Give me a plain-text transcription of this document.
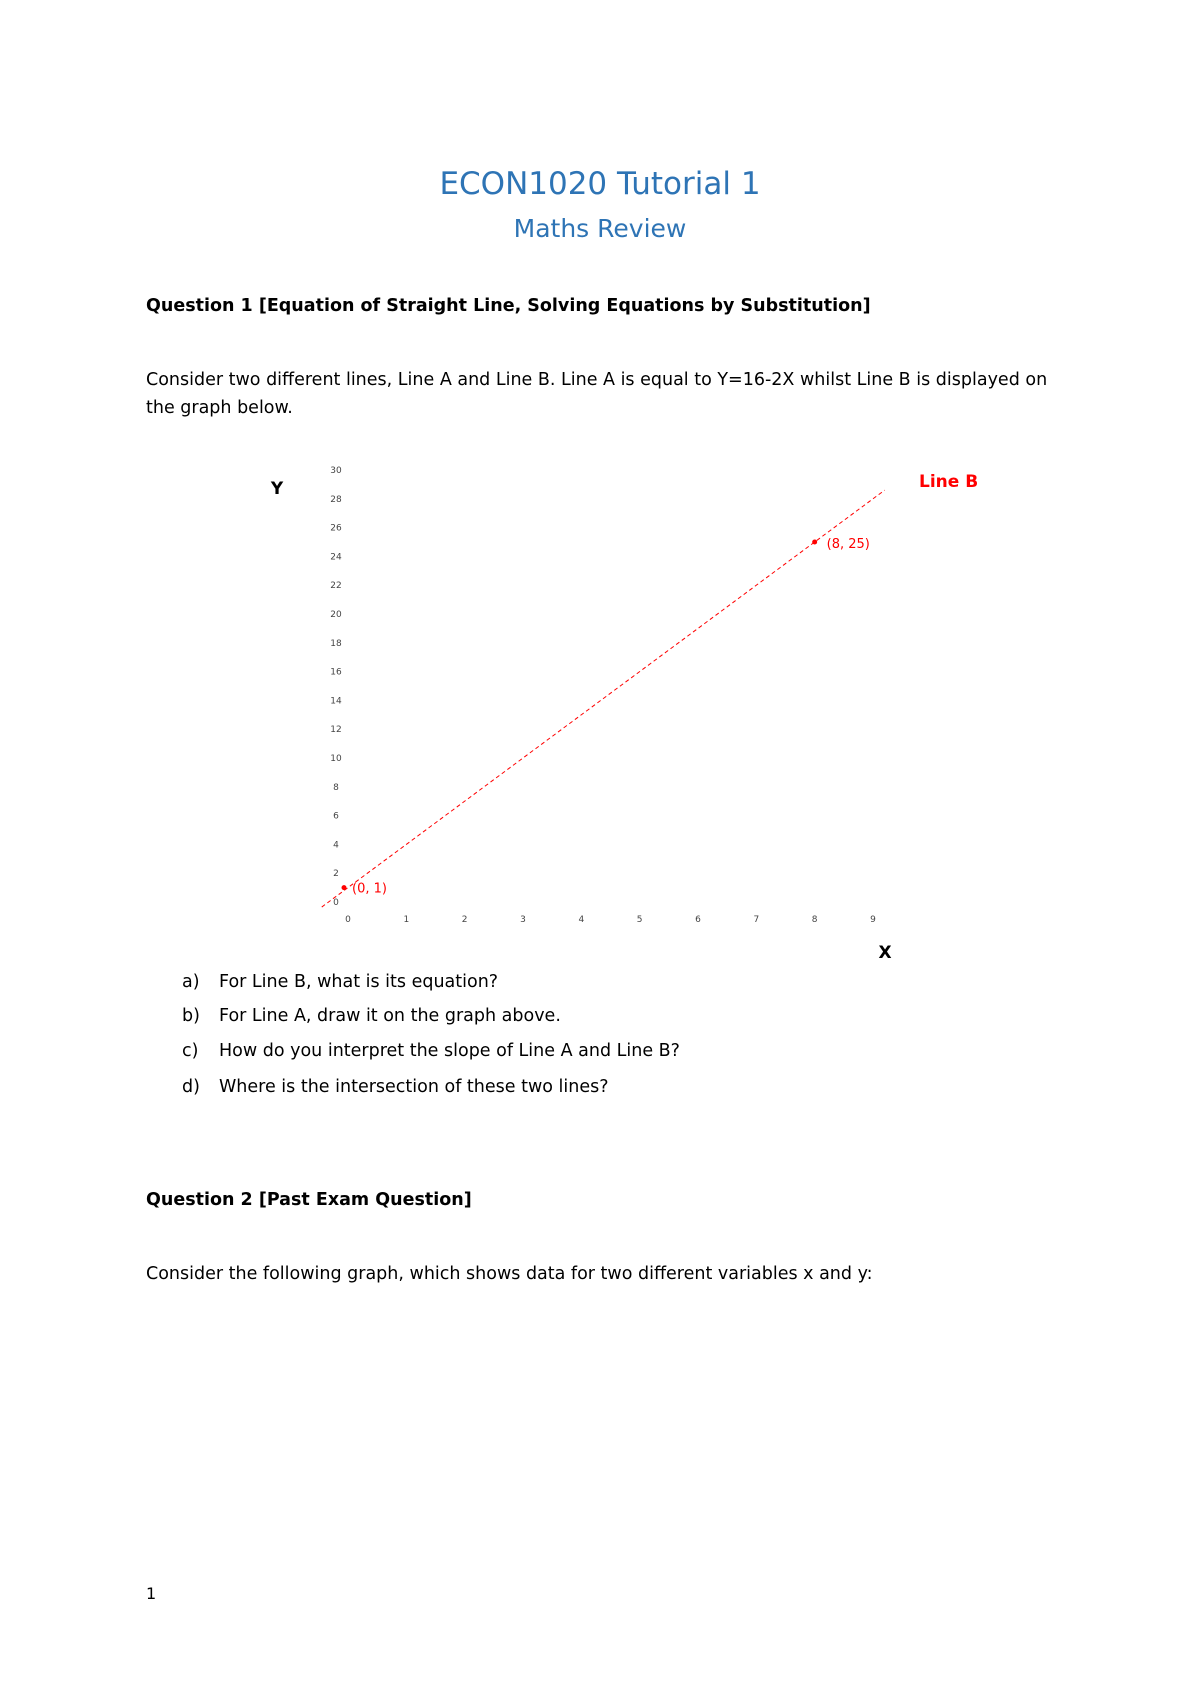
ECON1020 Tutorial 1
Maths Review
Question 1 [Equation of Straight Line, Solving Equations by Substitution]
Consider two different lines, Line A and Line B. Line A is equal to Y=16-2X whilst Line B is displayed on the graph below.
0
2
4
6
8
10
12
14
16
18
20
22
24
26
28
30
0	1	2	3	4	5	6	7	8	9
Y
X
Line B
(0, 1)
(8, 25)
a) For Line B, what is its equation?
b) For Line A, draw it on the graph above.
c) How do you interpret the slope of Line A and Line B?
d) Where is the intersection of these two lines?
Question 2 [Past Exam Question]
Consider the following graph, which shows data for two different variables x and y:
1
